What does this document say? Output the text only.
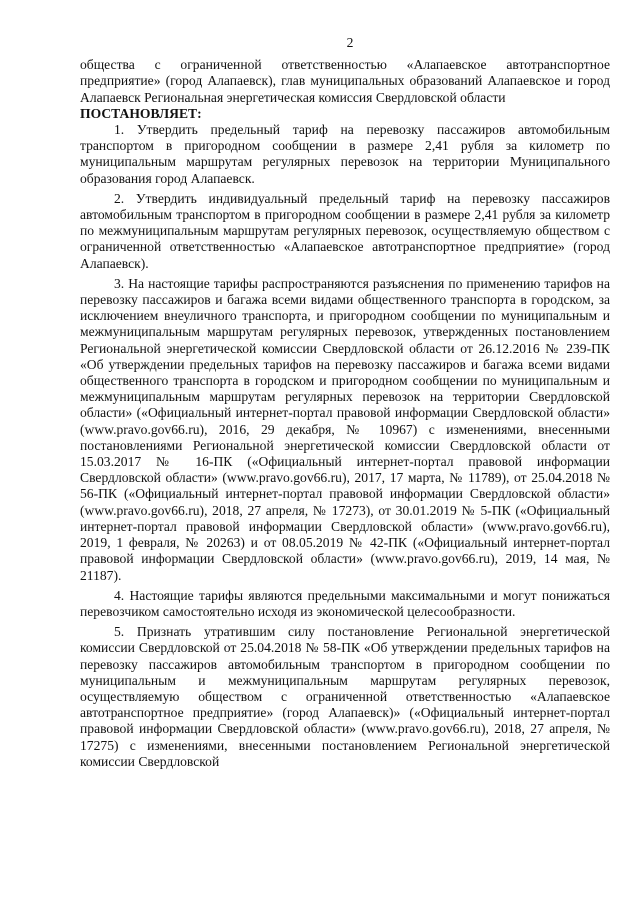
2

общества с ограниченной ответственностью «Алапаевское автотранспортное предприятие» (город Алапаевск), глав муниципальных образований Алапаевское и город Алапаевск Региональная энергетическая комиссия Свердловской области

ПОСТАНОВЛЯЕТ:

1. Утвердить предельный тариф на перевозку пассажиров автомобильным транспортом в пригородном сообщении в размере 2,41 рубля за километр по муниципальным маршрутам регулярных перевозок на территории Муниципального образования город Алапаевск.

2. Утвердить индивидуальный предельный тариф на перевозку пассажиров автомобильным транспортом в пригородном сообщении в размере 2,41 рубля за километр по межмуниципальным маршрутам регулярных перевозок, осуществляемую обществом с ограниченной ответственностью «Алапаевское автотранспортное предприятие» (город Алапаевск).

3. На настоящие тарифы распространяются разъяснения по применению тарифов на перевозку пассажиров и багажа всеми видами общественного транспорта в городском, за исключением внеуличного транспорта, и пригородном сообщении по муниципальным и межмуниципальным маршрутам регулярных перевозок, утвержденных постановлением Региональной энергетической комиссии Свердловской области от 26.12.2016 № 239-ПК «Об утверждении предельных тарифов на перевозку пассажиров и багажа всеми видами общественного транспорта в городском и пригородном сообщении по муниципальным и межмуниципальным маршрутам регулярных перевозок на территории Свердловской области» («Официальный интернет-портал правовой информации Свердловской области» (www.pravo.gov66.ru), 2016, 29 декабря, № 10967) с изменениями, внесенными постановлениями Региональной энергетической комиссии Свердловской области от 15.03.2017 № 16-ПК («Официальный интернет-портал правовой информации Свердловской области» (www.pravo.gov66.ru), 2017, 17 марта, № 11789), от 25.04.2018 № 56-ПК («Официальный интернет-портал правовой информации Свердловской области» (www.pravo.gov66.ru), 2018, 27 апреля, № 17273), от 30.01.2019 № 5-ПК («Официальный интернет-портал правовой информации Свердловской области» (www.pravo.gov66.ru), 2019, 1 февраля, № 20263) и от 08.05.2019 № 42-ПК («Официальный интернет-портал правовой информации Свердловской области» (www.pravo.gov66.ru), 2019, 14 мая, № 21187).

4. Настоящие тарифы являются предельными максимальными и могут понижаться перевозчиком самостоятельно исходя из экономической целесообразности.

5. Признать утратившим силу постановление Региональной энергетической комиссии Свердловской от 25.04.2018 № 58-ПК «Об утверждении предельных тарифов на перевозку пассажиров автомобильным транспортом в пригородном сообщении по муниципальным и межмуниципальным маршрутам регулярных перевозок, осуществляемую обществом с ограниченной ответственностью «Алапаевское автотранспортное предприятие» (город Алапаевск)» («Официальный интернет-портал правовой информации Свердловской области» (www.pravo.gov66.ru), 2018, 27 апреля, № 17275) с изменениями, внесенными постановлением Региональной энергетической комиссии Свердловской
